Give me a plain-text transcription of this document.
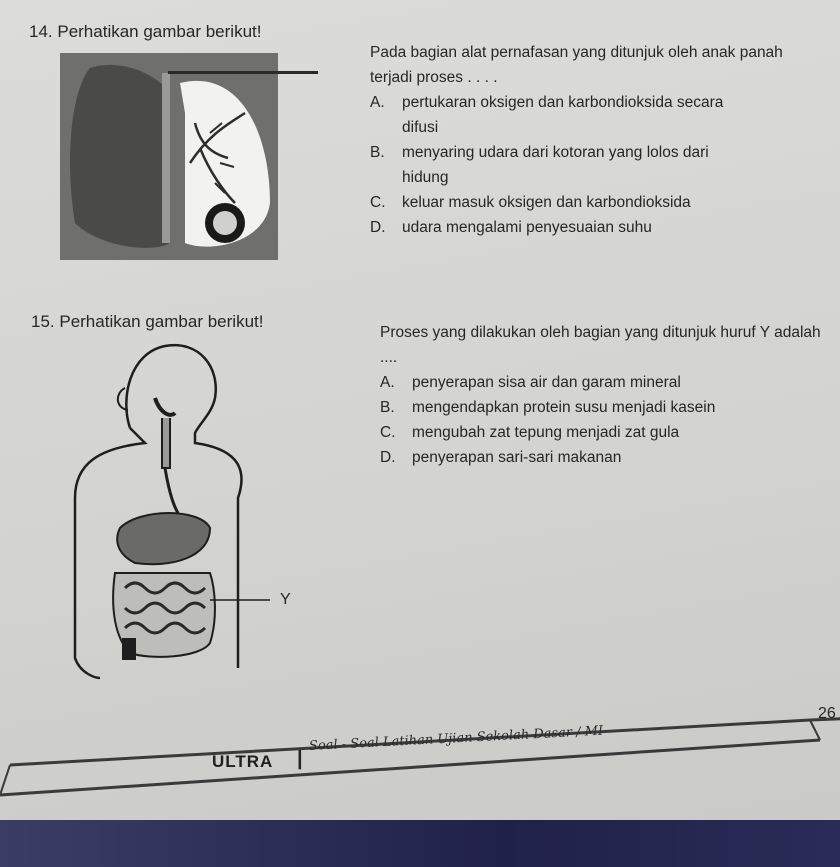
14. Perhatikan gambar berikut!
Pada bagian alat pernafasan yang ditunjuk oleh anak panah terjadi proses . . . .
A.	pertukaran oksigen dan karbondioksida secara
difusi
B.	menyaring udara dari kotoran yang lolos dari
hidung
C.	keluar masuk oksigen dan karbondioksida
D.	udara mengalami penyesuaian suhu
15. Perhatikan gambar berikut!
Y
Proses yang dilakukan oleh bagian yang ditunjuk huruf Y adalah ....
A.	penyerapan sisa air dan garam mineral
B.	mengendapkan protein susu menjadi kasein
C.	mengubah zat tepung menjadi zat gula
D.	penyerapan sari-sari makanan
ULTRA |
Soal - Soal Latihan Ujian Sekolah Dasar / MI
26
